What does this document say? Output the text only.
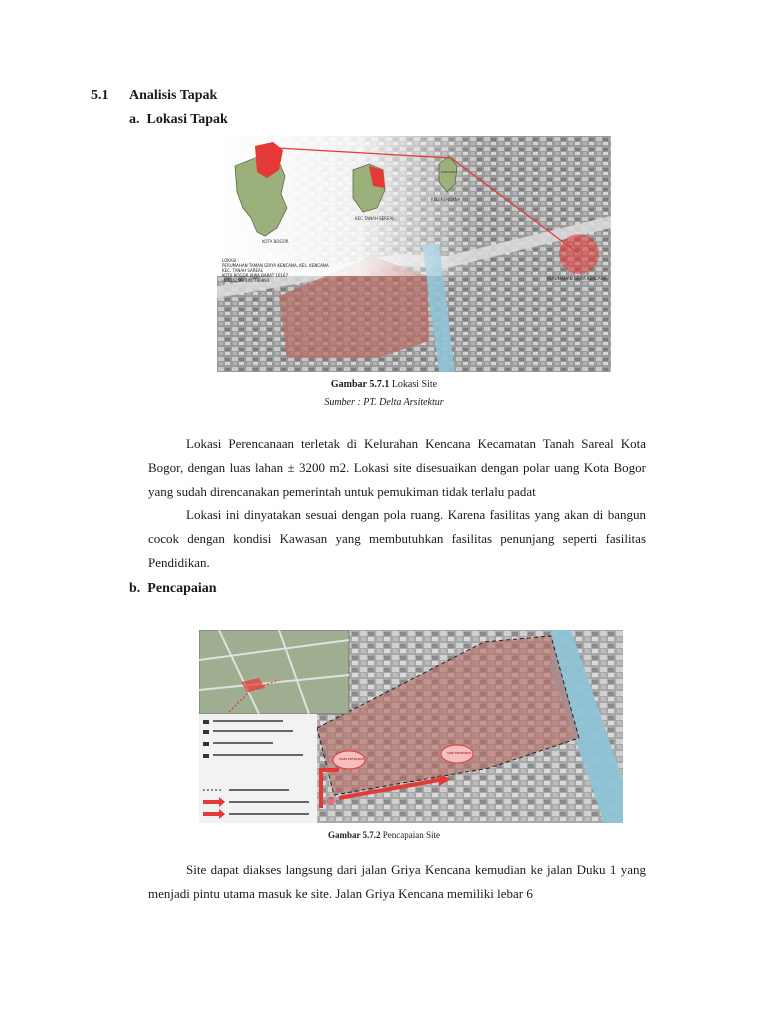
5.1 Analisis Tapak
a. Lokasi Tapak
KOTA BOGOR
KEC.TANAH SEREAL
KEL. KENCANA
KENCANA
PERUMAHAN GRIYA KENCANA
LOKASI :
PERUMAHAN TAMAN GRIYA KENCANA, KEL. KENCANA
KEC. TANAH SAREAL
KOTA BOGOR JAWA BARAT 16167
-6.516256, 106.789893
Gambar 5.7.1 Lokasi Site
Sumber : PT. Delta Arsitektur
Lokasi Perencanaan terletak di Kelurahan Kencana Kecamatan Tanah Sareal Kota Bogor, dengan luas lahan ± 3200 m2. Lokasi site disesuaikan dengan polar uang Kota Bogor yang sudah direncanakan pemerintah untuk pemukiman tidak terlalu padat
Lokasi ini dinyatakan sesuai dengan pola ruang. Karena fasilitas yang akan di bangun cocok dengan kondisi Kawasan yang membutuhkan fasilitas penunjang seperti fasilitas Pendidikan.
b. Pencapaian
MAIN ENTRANCE
SIDE ENTRANCE
Gambar 5.7.2 Pencapaian Site
Site dapat diakses langsung dari jalan Griya Kencana kemudian ke jalan Duku 1 yang menjadi pintu utama masuk ke site. Jalan Griya Kencana memiliki lebar 6
